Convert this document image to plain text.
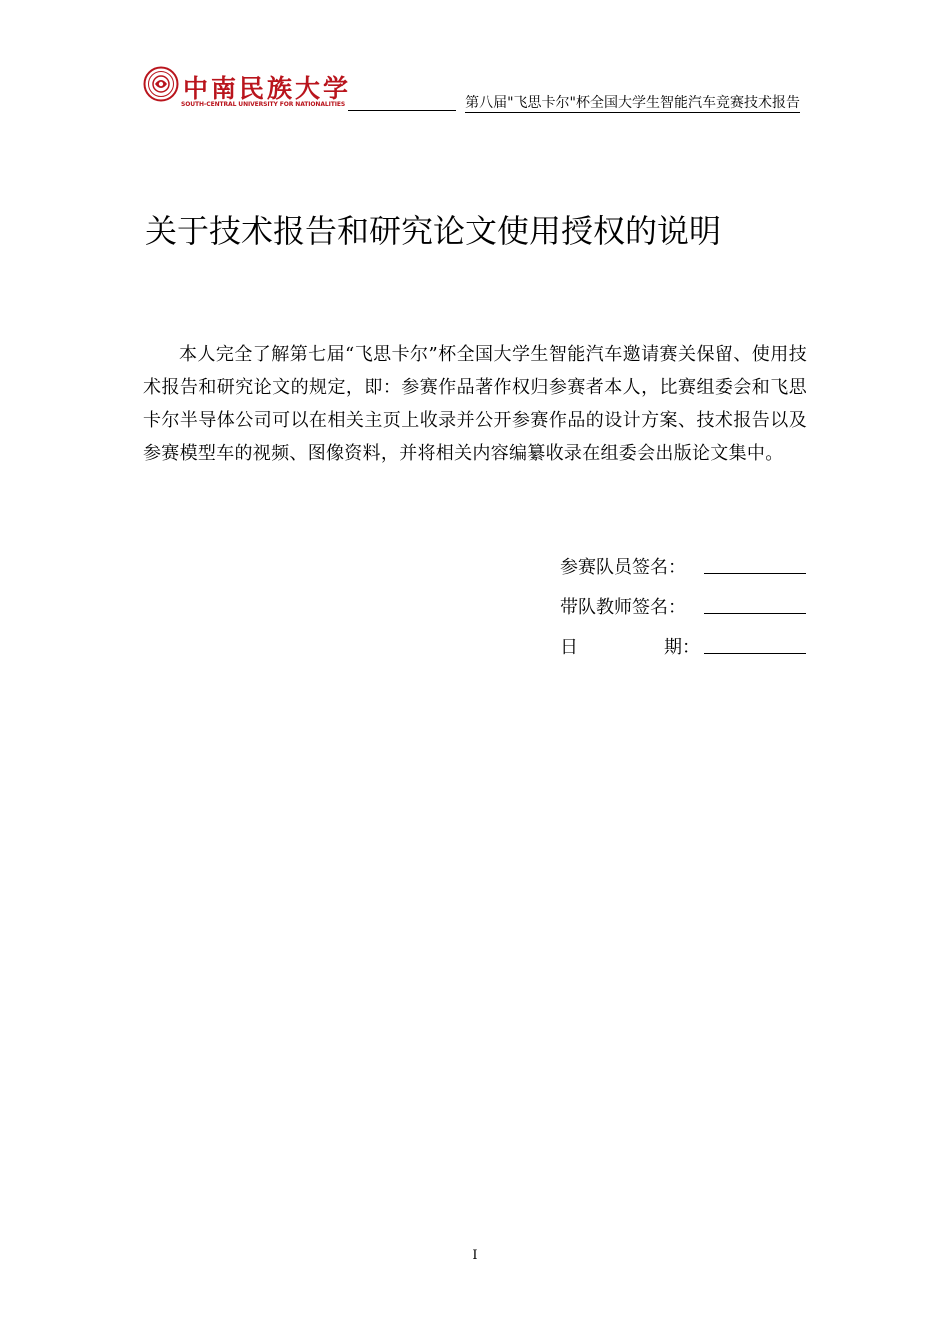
中南民族大学
SOUTH-CENTRAL UNIVERSITY FOR NATIONALITIES	第八届"飞思卡尔"杯全国大学生智能汽车竞赛技术报告
关于技术报告和研究论文使用授权的说明

本人完全了解第七届“飞思卡尔”杯全国大学生智能汽车邀请赛关保留、使用技术报告和研究论文的规定，即：参赛作品著作权归参赛者本人，比赛组委会和飞思卡尔半导体公司可以在相关主页上收录并公开参赛作品的设计方案、技术报告以及参赛模型车的视频、图像资料，并将相关内容编纂收录在组委会出版论文集中。

参赛队员签名：
带队教师签名：
日	期：
I
